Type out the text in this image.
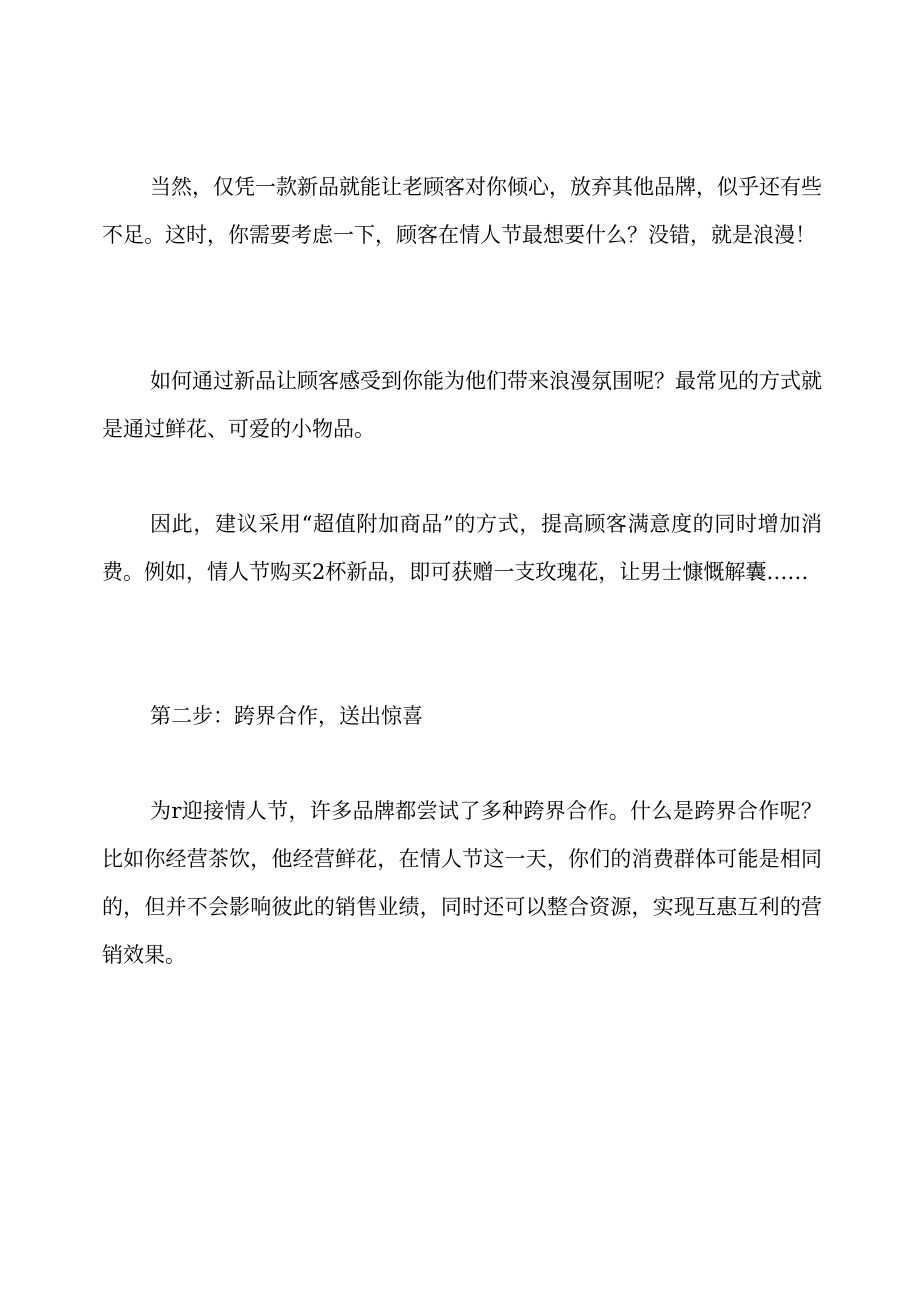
当然，仅凭一款新品就能让老顾客对你倾心，放弃其他品牌，似乎还有些不足。这时，你需要考虑一下，顾客在情人节最想要什么？没错，就是浪漫！

如何通过新品让顾客感受到你能为他们带来浪漫氛围呢？最常见的方式就是通过鲜花、可爱的小物品。

因此，建议采用“超值附加商品”的方式，提高顾客满意度的同时增加消费。例如，情人节购买2杯新品，即可获赠一支玫瑰花，让男士慷慨解囊……

第二步：跨界合作，送出惊喜

为r迎接情人节，许多品牌都尝试了多种跨界合作。什么是跨界合作呢？比如你经营茶饮，他经营鲜花，在情人节这一天，你们的消费群体可能是相同的，但并不会影响彼此的销售业绩，同时还可以整合资源，实现互惠互利的营销效果。
